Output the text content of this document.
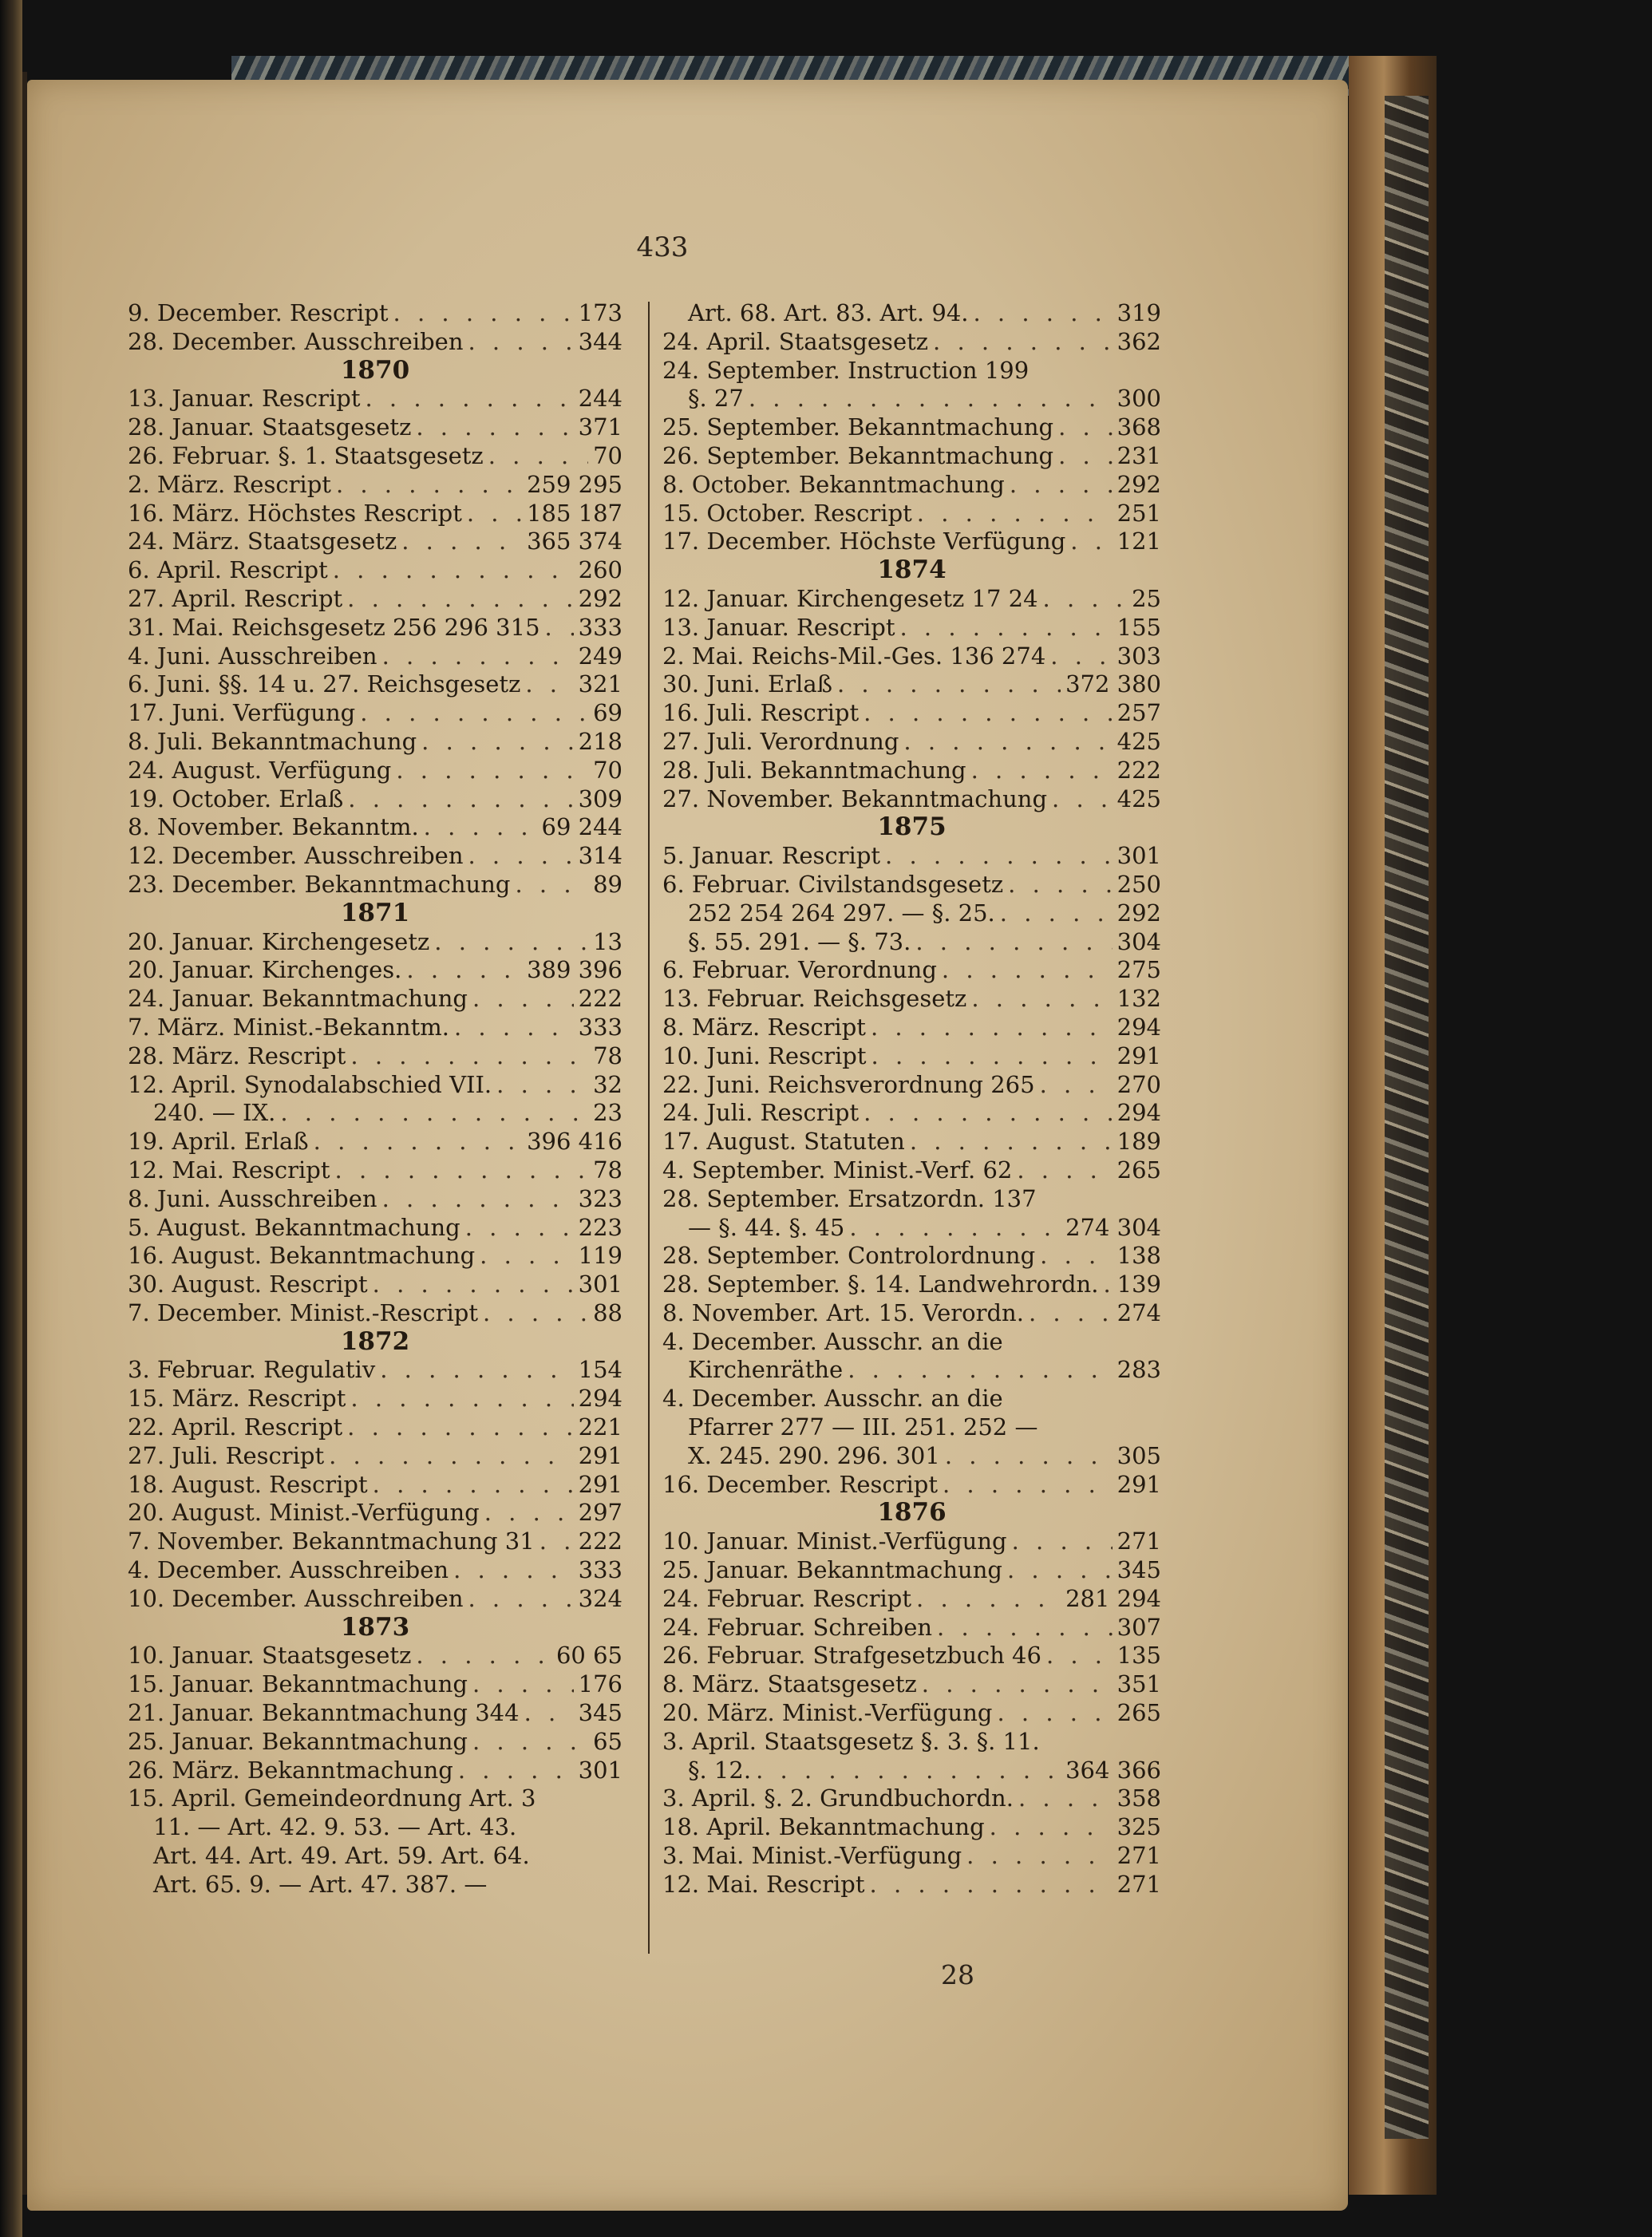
433
9. December. Rescript . . .	173
28. December. Ausschreiben . . .	344
1870
13. Januar. Rescript . . .	244
28. Januar. Staatsgesetz . . .	371
26. Februar. §. 1. Staatsgesetz . . .	70
2. März. Rescript . . .	259 295
16. März. Höchstes Rescript . . .	185 187
24. März. Staatsgesetz . . .	365 374
6. April. Rescript . . .	260
27. April. Rescript . . .	292
31. Mai. Reichsgesetz 256 296 315 . . . 333
4. Juni. Ausschreiben . . .	249
6. Juni. §§. 14 u. 27. Reichsgesetz . . . 321
17. Juni. Verfügung . . .	69
8. Juli. Bekanntmachung . . .	218
24. August. Verfügung . . .	70
19. October. Erlaß . . .	309
8. November. Bekanntm. . . .	69 244
12. December. Ausschreiben . . .	314
23. December. Bekanntmachung . . .	89
1871
20. Januar. Kirchengesetz . . .	13
20. Januar. Kirchenges. . . .	389 396
24. Januar. Bekanntmachung . . .	222
7. März. Minist.-Bekanntm. . . .	333
28. März. Rescript . . .	78
12. April. Synodalabschied VII. . . .	32
240. — IX. . . .	23
19. April. Erlaß . . .	396 416
12. Mai. Rescript . . .	78
8. Juni. Ausschreiben . . .	323
5. August. Bekanntmachung . . .	223
16. August. Bekanntmachung . . .	119
30. August. Rescript . . .	301
7. December. Minist.-Rescript . . .	88
1872
3. Februar. Regulativ . . .	154
15. März. Rescript . . .	294
22. April. Rescript . . .	221
27. Juli. Rescript . . .	291
18. August. Rescript . . .	291
20. August. Minist.-Verfügung . . .	297
7. November. Bekanntmachung 31 . . . 222
4. December. Ausschreiben . . .	333
10. December. Ausschreiben . . .	324
1873
10. Januar. Staatsgesetz . . .	60 65
15. Januar. Bekanntmachung . . .	176
21. Januar. Bekanntmachung 344 . . .	345
25. Januar. Bekanntmachung . . .	65
26. März. Bekanntmachung . . .	301
15. April. Gemeindeordnung Art. 3
11. — Art. 42. 9. 53. — Art. 43.
Art. 44. Art. 49. Art. 59. Art. 64.
Art. 65. 9. — Art. 47. 387. —
Art. 68. Art. 83. Art. 94. . . .	319
24. April. Staatsgesetz . . .	362
24. September. Instruction 199
§. 27 . . .	300
25. September. Bekanntmachung . . .	368
26. September. Bekanntmachung . . .	231
8. October. Bekanntmachung . . .	292
15. October. Rescript . . .	251
17. December. Höchste Verfügung . . . 121
1874
12. Januar. Kirchengesetz 17 24 . . .	25
13. Januar. Rescript . . .	155
2. Mai. Reichs-Mil.-Ges. 136 274 . . .	303
30. Juni. Erlaß . . .	372 380
16. Juli. Rescript . . .	257
27. Juli. Verordnung . . .	425
28. Juli. Bekanntmachung . . .	222
27. November. Bekanntmachung . . .	425
1875
5. Januar. Rescript . . .	301
6. Februar. Civilstandsgesetz . . .	250
252 254 264 297. — §. 25. . . .	292
§. 55. 291. — §. 73. . . .	304
6. Februar. Verordnung . . .	275
13. Februar. Reichsgesetz . . .	132
8. März. Rescript . . .	294
10. Juni. Rescript . . .	291
22. Juni. Reichsverordnung 265 . . .	270
24. Juli. Rescript . . .	294
17. August. Statuten . . .	189
4. September. Minist.-Verf. 62 . . .	265
28. September. Ersatzordn. 137
— §. 44. §. 45 . . .	274 304
28. September. Controlordnung . . .	138
28. September. §. 14. Landwehrordn. . . . 139
8. November. Art. 15. Verordn. . . .	274
4. December. Ausschr. an die
Kirchenräthe . . .	283
4. December. Ausschr. an die
Pfarrer 277 — III. 251. 252 —
X. 245. 290. 296. 301 . . .	305
16. December. Rescript . . .	291
1876
10. Januar. Minist.-Verfügung . . .	271
25. Januar. Bekanntmachung . . .	345
24. Februar. Rescript . . .	281 294
24. Februar. Schreiben . . .	307
26. Februar. Strafgesetzbuch 46 . . .	135
8. März. Staatsgesetz . . .	351
20. März. Minist.-Verfügung . . .	265
3. April. Staatsgesetz §. 3. §. 11.
§. 12. . . .	364 366
3. April. §. 2. Grundbuchordn. . . .	358
18. April. Bekanntmachung . . .	325
3. Mai. Minist.-Verfügung . . .	271
12. Mai. Rescript . . .	271
28
